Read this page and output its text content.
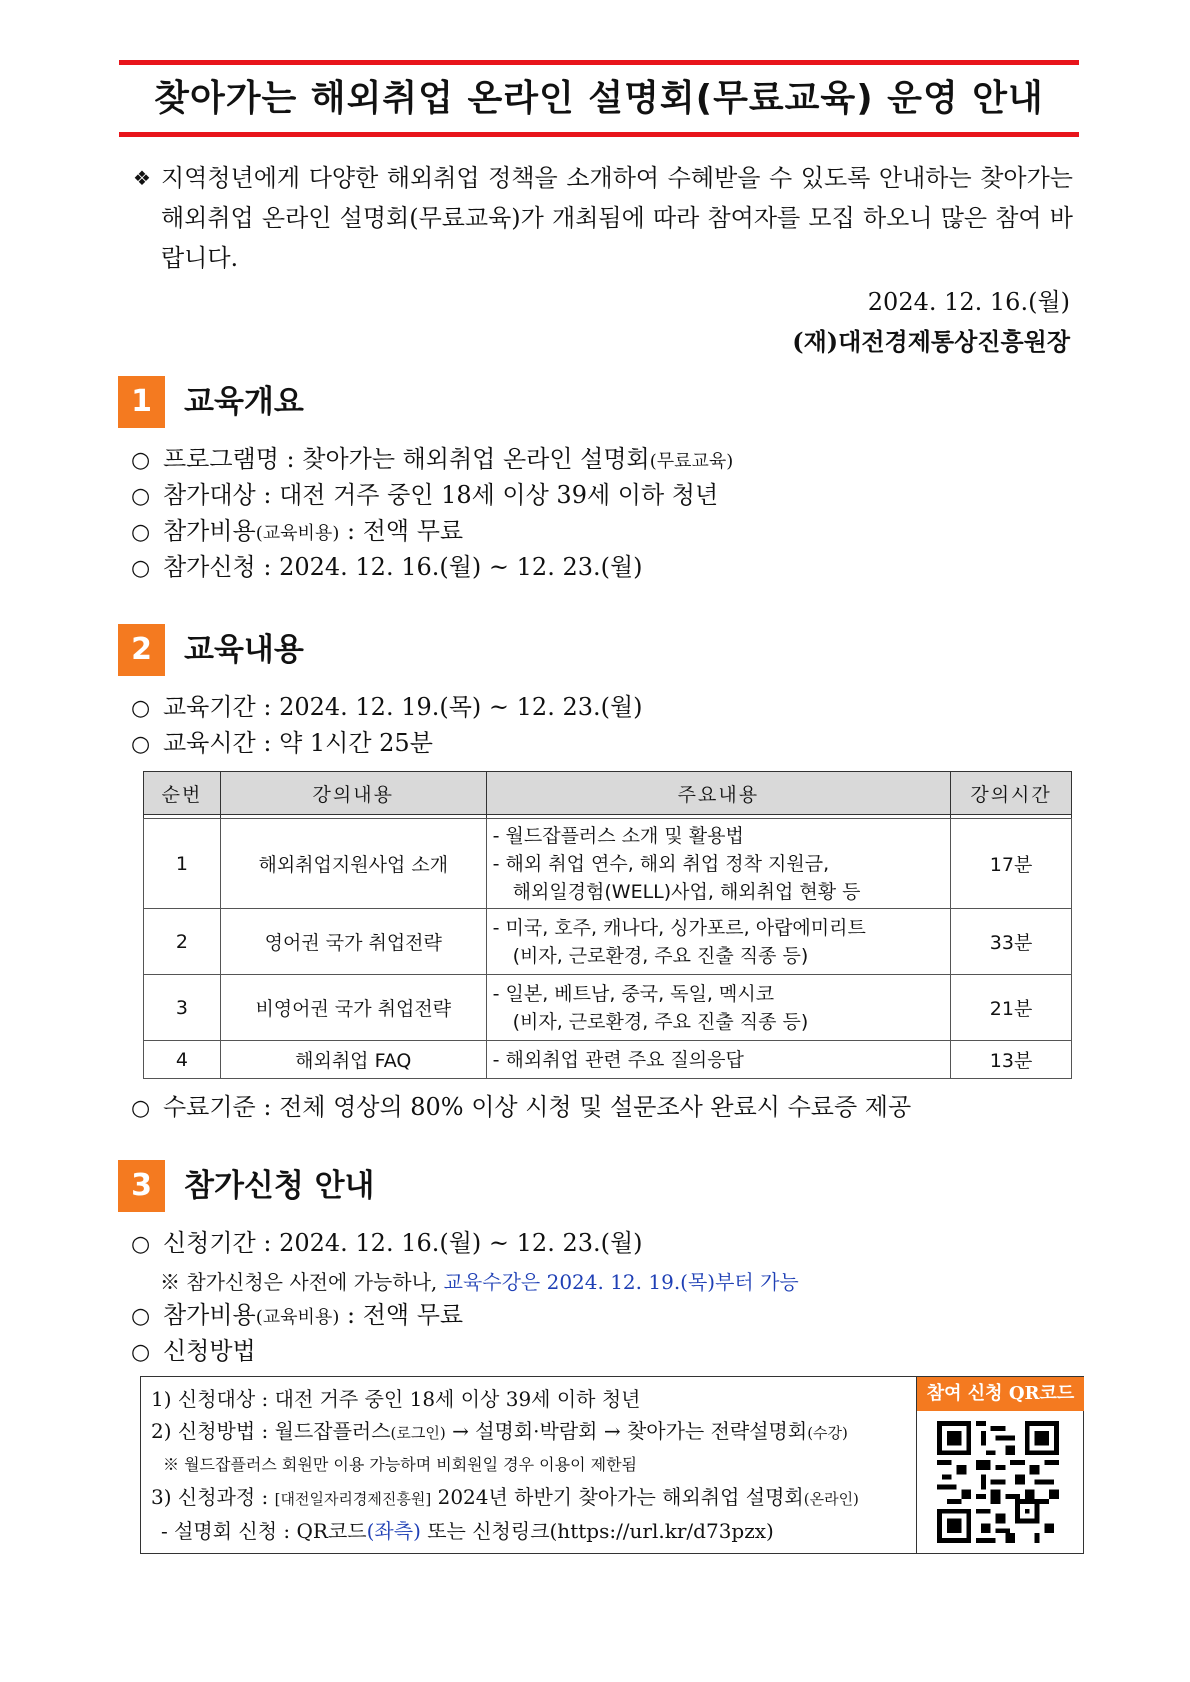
찾아가는 해외취업 온라인 설명회(무료교육) 운영 안내
❖ 지역청년에게 다양한 해외취업 정책을 소개하여 수혜받을 수 있도록 안내하는 찾아가는 해외취업 온라인 설명회(무료교육)가 개최됨에 따라 참여자를 모집 하오니 많은 참여 바랍니다.
2024. 12. 16.(월)
(재)대전경제통상진흥원장
1	교육개요
○ 프로그램명 : 찾아가는 해외취업 온라인 설명회(무료교육)
○ 참가대상 : 대전 거주 중인 18세 이상 39세 이하 청년
○ 참가비용(교육비용) : 전액 무료
○ 참가신청 : 2024. 12. 16.(월) ~ 12. 23.(월)
2	교육내용
○ 교육기간 : 2024. 12. 19.(목) ~ 12. 23.(월)
○ 교육시간 : 약 1시간 25분
순번	강의내용	주요내용	강의시간

1	해외취업지원사업 소개	- 월드잡플러스 소개 및 활용법
- 해외 취업 연수, 해외 취업 정착 지원금,
해외일경험(WELL)사업, 해외취업 현황 등	17분
2	영어권 국가 취업전략	- 미국, 호주, 캐나다, 싱가포르, 아랍에미리트
(비자, 근로환경, 주요 진출 직종 등)	33분
3	비영어권 국가 취업전략	- 일본, 베트남, 중국, 독일, 멕시코
(비자, 근로환경, 주요 진출 직종 등)	21분
4	해외취업 FAQ	- 해외취업 관련 주요 질의응답	13분
○ 수료기준 : 전체 영상의 80% 이상 시청 및 설문조사 완료시 수료증 제공
3	참가신청 안내
○ 신청기간 : 2024. 12. 16.(월) ~ 12. 23.(월)
※ 참가신청은 사전에 가능하나, 교육수강은 2024. 12. 19.(목)부터 가능
○ 참가비용(교육비용) : 전액 무료
○ 신청방법
1) 신청대상 : 대전 거주 중인 18세 이상 39세 이하 청년
2) 신청방법 : 월드잡플러스(로그인) → 설명회·박람회 → 찾아가는 전략설명회(수강)
※ 월드잡플러스 회원만 이용 가능하며 비회원일 경우 이용이 제한됨
3) 신청과정 : [대전일자리경제진흥원] 2024년 하반기 찾아가는 해외취업 설명회(온라인)
- 설명회 신청 : QR코드(좌측) 또는 신청링크(https://url.kr/d73pzx)
참여 신청 QR코드
